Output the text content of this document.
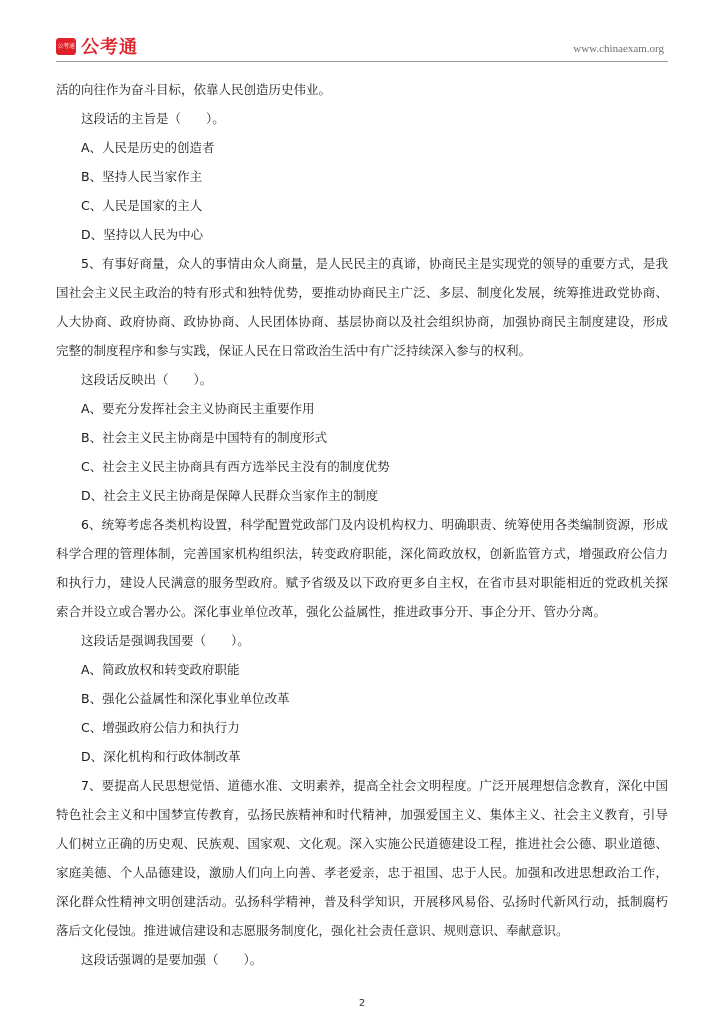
公考通 公考通	www.chinaexam.org

活的向往作为奋斗目标，依靠人民创造历史伟业。

这段话的主旨是（　　）。

A、人民是历史的创造者

B、坚持人民当家作主

C、人民是国家的主人

D、坚持以人民为中心

5、有事好商量，众人的事情由众人商量，是人民民主的真谛，协商民主是实现党的领导的重要方式，是我国社会主义民主政治的特有形式和独特优势，要推动协商民主广泛、多层、制度化发展，统筹推进政党协商、人大协商、政府协商、政协协商、人民团体协商、基层协商以及社会组织协商，加强协商民主制度建设，形成完整的制度程序和参与实践，保证人民在日常政治生活中有广泛持续深入参与的权利。

这段话反映出（　　）。

A、要充分发挥社会主义协商民主重要作用

B、社会主义民主协商是中国特有的制度形式

C、社会主义民主协商具有西方选举民主没有的制度优势

D、社会主义民主协商是保障人民群众当家作主的制度

6、统筹考虑各类机构设置，科学配置党政部门及内设机构权力、明确职责、统筹使用各类编制资源，形成科学合理的管理体制，完善国家机构组织法，转变政府职能，深化简政放权，创新监管方式，增强政府公信力和执行力，建设人民满意的服务型政府。赋予省级及以下政府更多自主权，在省市县对职能相近的党政机关探索合并设立或合署办公。深化事业单位改革，强化公益属性，推进政事分开、事企分开、管办分离。

这段话是强调我国要（　　）。

A、简政放权和转变政府职能

B、强化公益属性和深化事业单位改革

C、增强政府公信力和执行力

D、深化机构和行政体制改革

7、要提高人民思想觉悟、道德水准、文明素养，提高全社会文明程度。广泛开展理想信念教育，深化中国特色社会主义和中国梦宣传教育，弘扬民族精神和时代精神，加强爱国主义、集体主义、社会主义教育，引导人们树立正确的历史观、民族观、国家观、文化观。深入实施公民道德建设工程，推进社会公德、职业道德、家庭美德、个人品德建设，激励人们向上向善、孝老爱亲，忠于祖国、忠于人民。加强和改进思想政治工作，深化群众性精神文明创建活动。弘扬科学精神，普及科学知识，开展移风易俗、弘扬时代新风行动，抵制腐朽落后文化侵蚀。推进诚信建设和志愿服务制度化，强化社会责任意识、规则意识、奉献意识。

这段话强调的是要加强（　　）。

2
